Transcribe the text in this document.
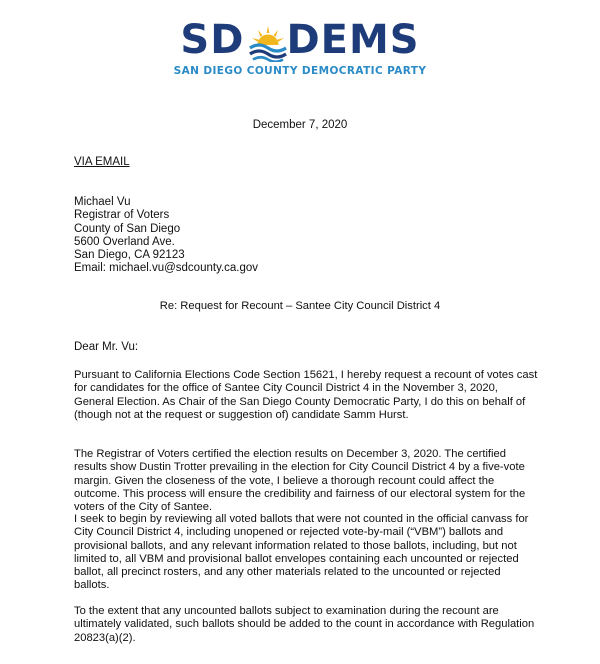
SD DEMS
SAN DIEGO COUNTY DEMOCRATIC PARTY
December 7, 2020
VIA EMAIL
Michael Vu
Registrar of Voters
County of San Diego
5600 Overland Ave.
San Diego, CA 92123
Email: michael.vu@sdcounty.ca.gov
Re: Request for Recount – Santee City Council District 4
Dear Mr. Vu:

Pursuant to California Elections Code Section 15621, I hereby request a recount of votes cast for candidates for the office of Santee City Council District 4 in the November 3, 2020, General Election. As Chair of the San Diego County Democratic Party, I do this on behalf of (though not at the request or suggestion of) candidate Samm Hurst.

The Registrar of Voters certified the election results on December 3, 2020. The certified results show Dustin Trotter prevailing in the election for City Council District 4 by a five-vote margin. Given the closeness of the vote, I believe a thorough recount could affect the outcome. This process will ensure the credibility and fairness of our electoral system for the voters of the City of Santee.

I seek to begin by reviewing all voted ballots that were not counted in the official canvass for City Council District 4, including unopened or rejected vote-by-mail (“VBM”) ballots and provisional ballots, and any relevant information related to those ballots, including, but not limited to, all VBM and provisional ballot envelopes containing each uncounted or rejected ballot, all precinct rosters, and any other materials related to the uncounted or rejected ballots.

To the extent that any uncounted ballots subject to examination during the recount are ultimately validated, such ballots should be added to the count in accordance with Regulation 20823(a)(2).
